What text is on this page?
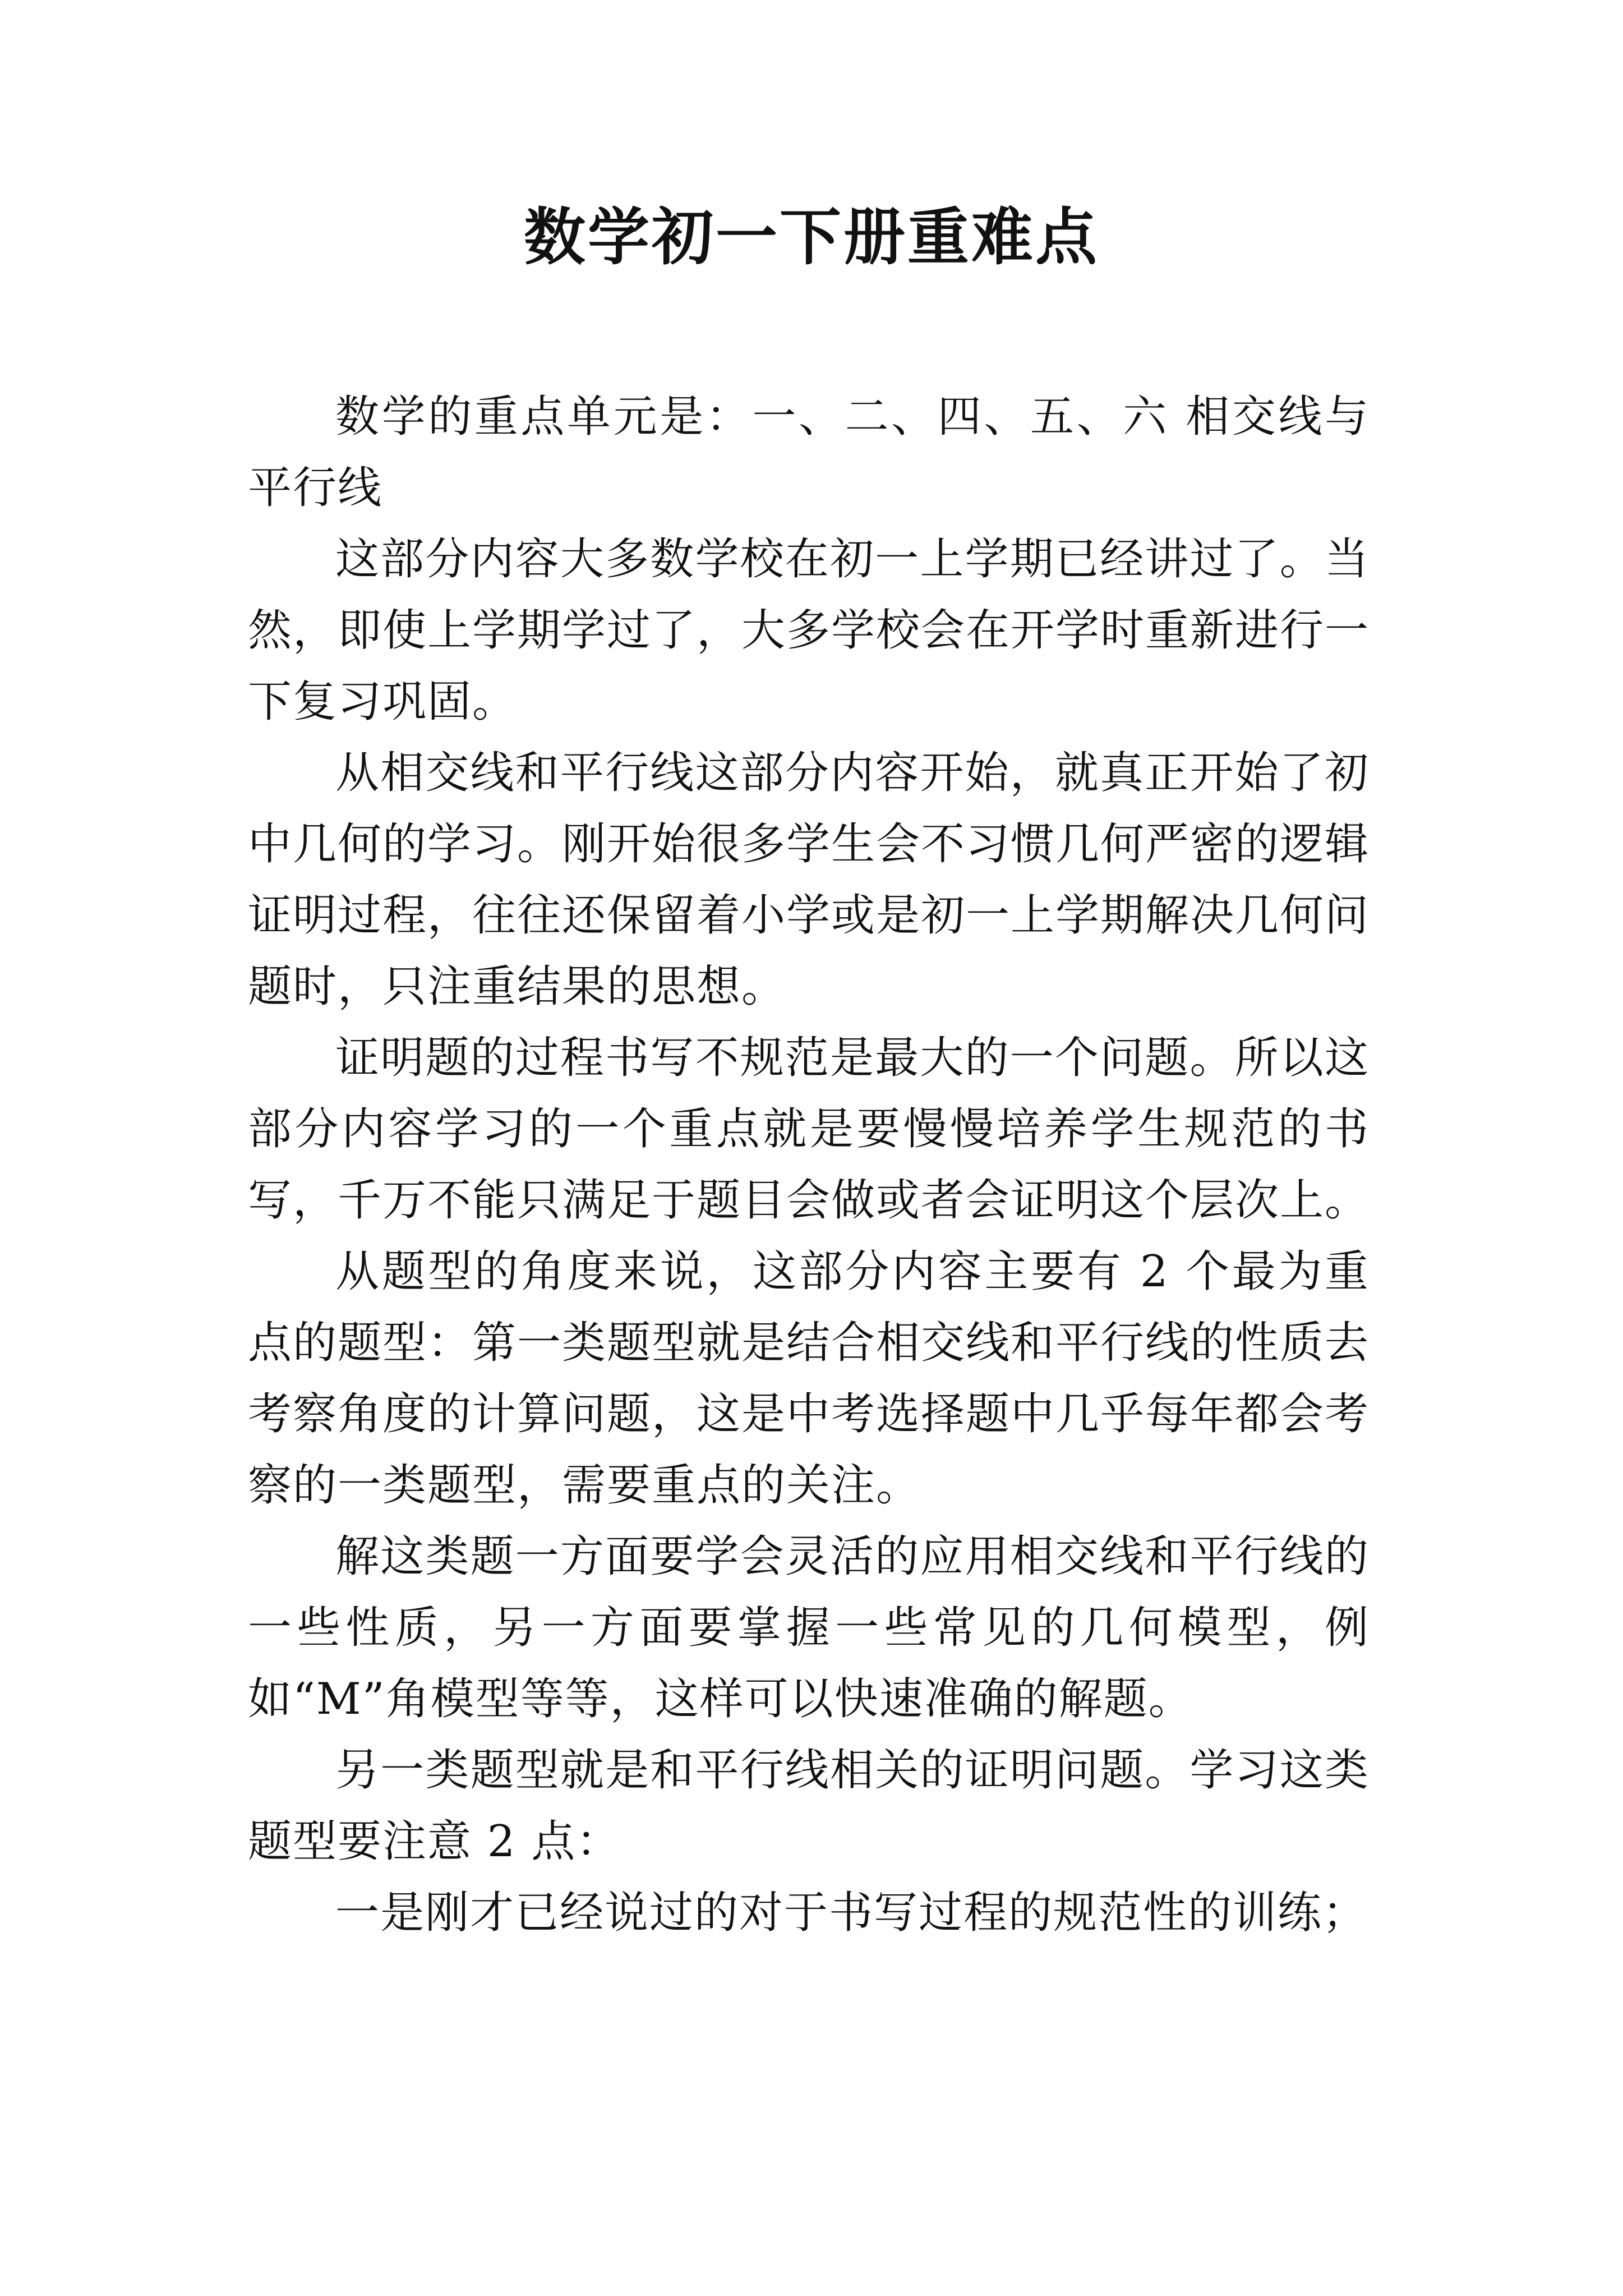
数学初一下册重难点

数学的重点单元是：一、二、四、五、六 相交线与平行线

这部分内容大多数学校在初一上学期已经讲过了。当然，即使上学期学过了，大多学校会在开学时重新进行一下复习巩固。

从相交线和平行线这部分内容开始，就真正开始了初中几何的学习。刚开始很多学生会不习惯几何严密的逻辑证明过程，往往还保留着小学或是初一上学期解决几何问题时，只注重结果的思想。

证明题的过程书写不规范是最大的一个问题。所以这部分内容学习的一个重点就是要慢慢培养学生规范的书写，千万不能只满足于题目会做或者会证明这个层次上。

从题型的角度来说，这部分内容主要有 2 个最为重点的题型：第一类题型就是结合相交线和平行线的性质去考察角度的计算问题，这是中考选择题中几乎每年都会考察的一类题型，需要重点的关注。

解这类题一方面要学会灵活的应用相交线和平行线的一些性质，另一方面要掌握一些常见的几何模型，例如“M”角模型等等，这样可以快速准确的解题。

另一类题型就是和平行线相关的证明问题。学习这类题型要注意 2 点：

一是刚才已经说过的对于书写过程的规范性的训练；
